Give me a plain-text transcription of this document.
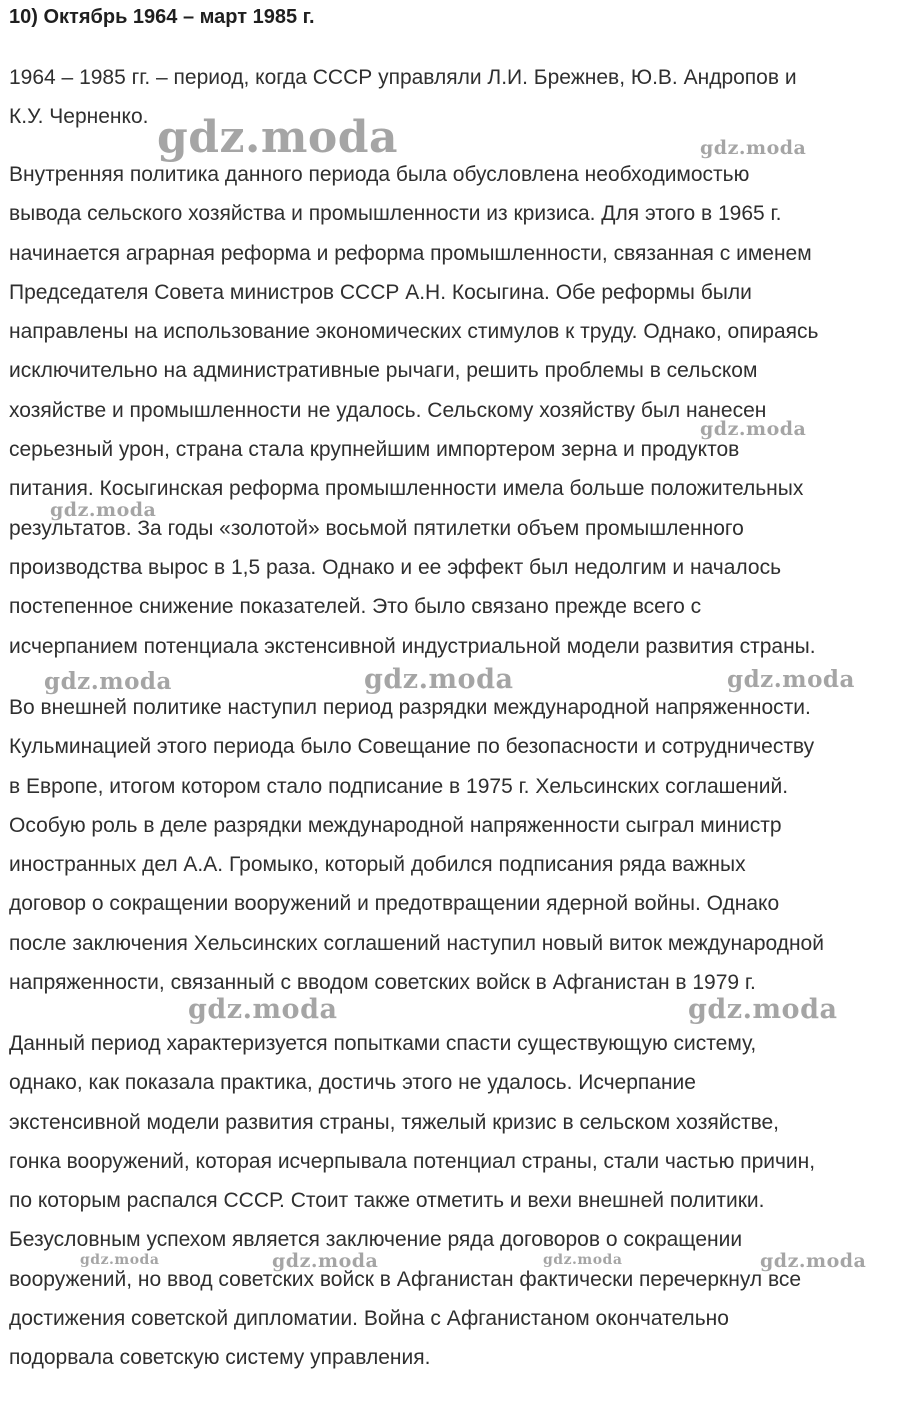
10) Октябрь 1964 – март 1985 г.
1964 – 1985 гг. – период, когда СССР управляли Л.И. Брежнев, Ю.В. Андропов и
К.У. Черненко.
Внутренняя политика данного периода была обусловлена необходимостью
вывода сельского хозяйства и промышленности из кризиса. Для этого в 1965 г.
начинается аграрная реформа и реформа промышленности, связанная с именем
Председателя Совета министров СССР А.Н. Косыгина. Обе реформы были
направлены на использование экономических стимулов к труду. Однако, опираясь
исключительно на административные рычаги, решить проблемы в сельском
хозяйстве и промышленности не удалось. Сельскому хозяйству был нанесен
серьезный урон, страна стала крупнейшим импортером зерна и продуктов
питания. Косыгинская реформа промышленности имела больше положительных
результатов. За годы «золотой» восьмой пятилетки объем промышленного
производства вырос в 1,5 раза. Однако и ее эффект был недолгим и началось
постепенное снижение показателей. Это было связано прежде всего с
исчерпанием потенциала экстенсивной индустриальной модели развития страны.
Во внешней политике наступил период разрядки международной напряженности.
Кульминацией этого периода было Совещание по безопасности и сотрудничеству
в Европе, итогом котором стало подписание в 1975 г. Хельсинских соглашений.
Особую роль в деле разрядки международной напряженности сыграл министр
иностранных дел А.А. Громыко, который добился подписания ряда важных
договор о сокращении вооружений и предотвращении ядерной войны. Однако
после заключения Хельсинских соглашений наступил новый виток международной
напряженности, связанный с вводом советских войск в Афганистан в 1979 г.
Данный период характеризуется попытками спасти существующую систему,
однако, как показала практика, достичь этого не удалось. Исчерпание
экстенсивной модели развития страны, тяжелый кризис в сельском хозяйстве,
гонка вооружений, которая исчерпывала потенциал страны, стали частью причин,
по которым распался СССР. Стоит также отметить и вехи внешней политики.
Безусловным успехом является заключение ряда договоров о сокращении
вооружений, но ввод советских войск в Афганистан фактически перечеркнул все
достижения советской дипломатии. Война с Афганистаном окончательно
подорвала советскую систему управления.
gdz.moda	gdz.moda
gdz.moda
gdz.moda
gdz.moda	gdz.moda	gdz.moda
gdz.moda	gdz.moda
gdz.moda	gdz.moda	gdz.moda	gdz.moda
